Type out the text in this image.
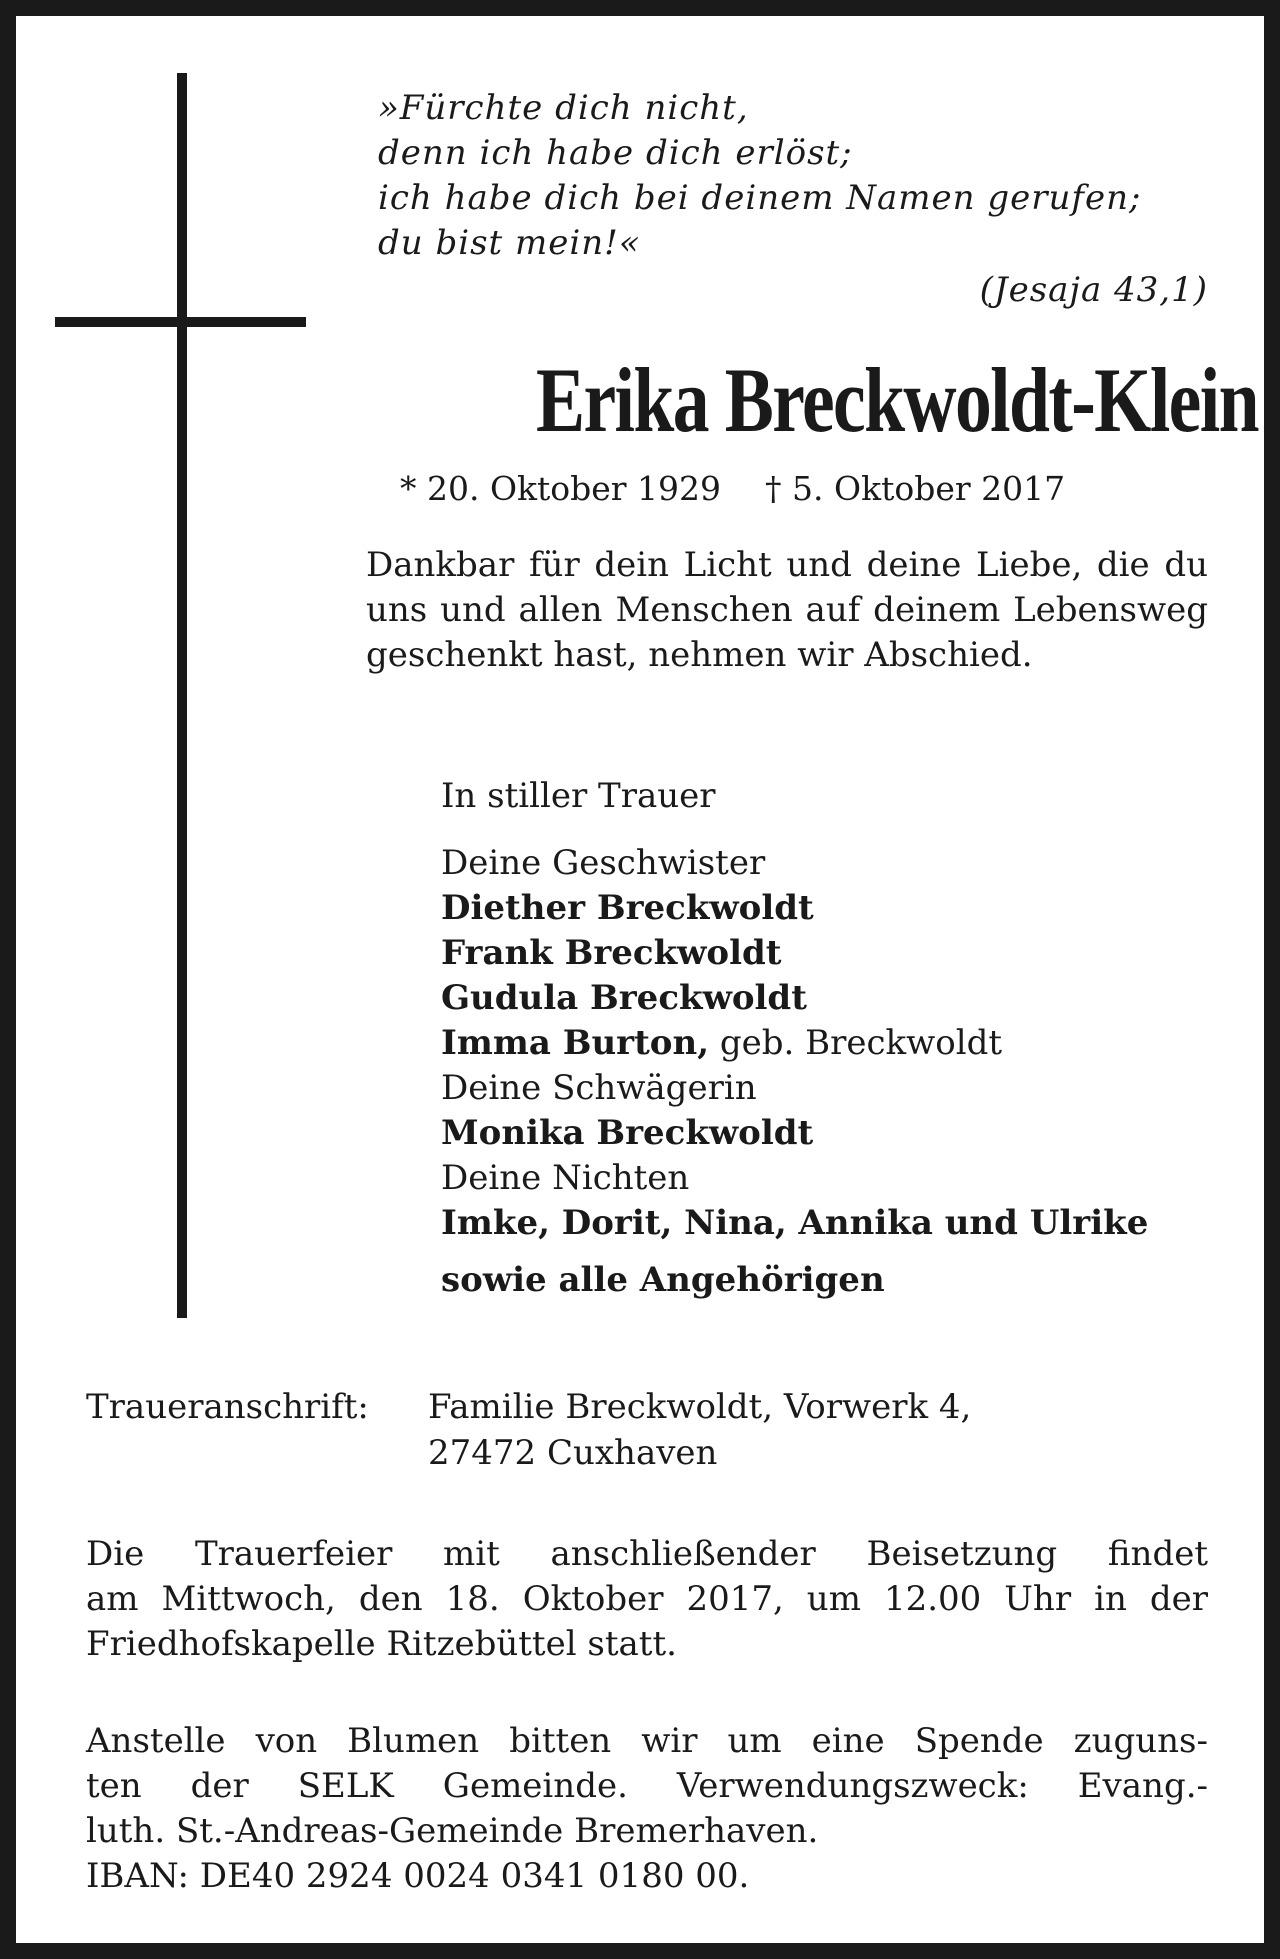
»Fürchte dich nicht,
denn ich habe dich erlöst;
ich habe dich bei deinem Namen gerufen;
du bist mein!«
(Jesaja 43,1)
Erika Breckwoldt-Klein
* 20. Oktober 1929 † 5. Oktober 2017
Dankbar für dein Licht und deine Liebe, die du uns und allen Menschen auf deinem Lebensweg geschenkt hast, nehmen wir Abschied.
In stiller Trauer
Deine Geschwister
Diether Breckwoldt
Frank Breckwoldt
Gudula Breckwoldt
Imma Burton, geb. Breckwoldt
Deine Schwägerin
Monika Breckwoldt
Deine Nichten
Imke, Dorit, Nina, Annika und Ulrike
sowie alle Angehörigen
Traueranschrift:	Familie Breckwoldt, Vorwerk 4,
27472 Cuxhaven
Die Trauerfeier mit anschließender Beisetzung findet
am Mittwoch, den 18. Oktober 2017, um 12.00 Uhr in der
Friedhofskapelle Ritzebüttel statt.
Anstelle von Blumen bitten wir um eine Spende zuguns-
ten der SELK Gemeinde. Verwendungszweck: Evang.-
luth. St.-Andreas-Gemeinde Bremerhaven.
IBAN: DE40 2924 0024 0341 0180 00.
